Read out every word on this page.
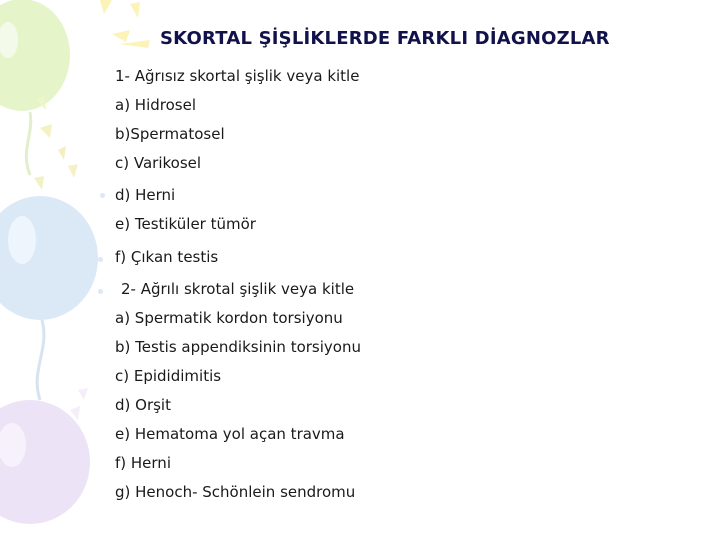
SKORTAL ŞİŞLİKLERDE FARKLI DİAGNOZLAR
1- Ağrısız skortal şişlik veya kitle
a) Hidrosel
b)Spermatosel
c) Varikosel
d) Herni
e) Testiküler tümör
f) Çıkan testis
2- Ağrılı skrotal şişlik veya kitle
a) Spermatik kordon torsiyonu
b) Testis appendiksinin torsiyonu
c) Epididimitis
d) Orşit
e) Hematoma yol açan travma
f) Herni
g) Henoch- Schönlein sendromu
